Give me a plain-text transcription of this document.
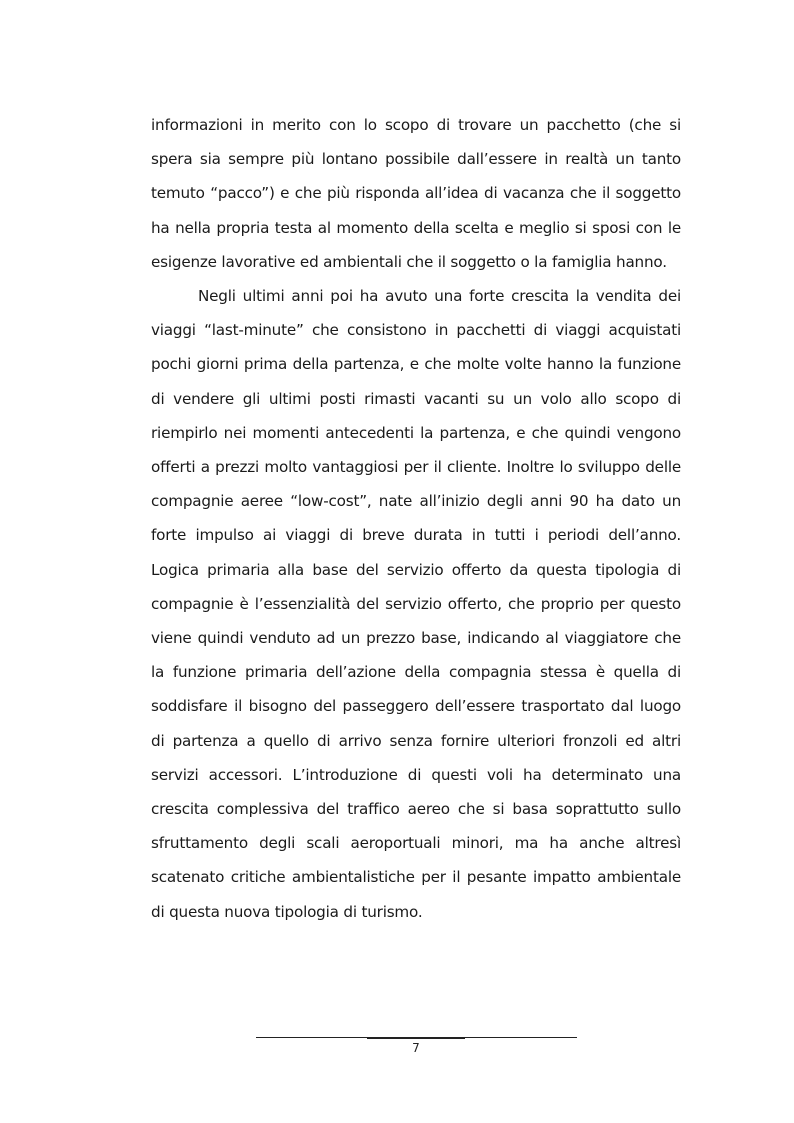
informazioni in merito con lo scopo di trovare un pacchetto (che si spera sia sempre più lontano possibile dall’essere in realtà un tanto temuto “pacco”) e che più risponda all’idea di vacanza che il soggetto ha nella propria testa al momento della scelta e meglio si sposi con le esigenze lavorative ed ambientali che il soggetto o la famiglia hanno.

Negli ultimi anni poi ha avuto una forte crescita la vendita dei viaggi “last-minute” che consistono in pacchetti di viaggi acquistati pochi giorni prima della partenza, e che molte volte hanno la funzione di vendere gli ultimi posti rimasti vacanti su un volo allo scopo di riempirlo nei momenti antecedenti la partenza, e che quindi vengono offerti a prezzi molto vantaggiosi per il cliente. Inoltre lo sviluppo delle compagnie aeree “low-cost”, nate all’inizio degli anni 90 ha dato un forte impulso ai viaggi di breve durata in tutti i periodi dell’anno. Logica primaria alla base del servizio offerto da questa tipologia di compagnie è l’essenzialità del servizio offerto, che proprio per questo viene quindi venduto ad un prezzo base, indicando al viaggiatore che la funzione primaria dell’azione della compagnia stessa è quella di soddisfare il bisogno del passeggero dell’essere trasportato dal luogo di partenza a quello di arrivo senza fornire ulteriori fronzoli ed altri servizi accessori. L’introduzione di questi voli ha determinato una crescita complessiva del traffico aereo che si basa soprattutto sullo sfruttamento degli scali aeroportuali minori, ma ha anche altresì scatenato critiche ambientalistiche per il pesante impatto ambientale di questa nuova tipologia di turismo.

7
